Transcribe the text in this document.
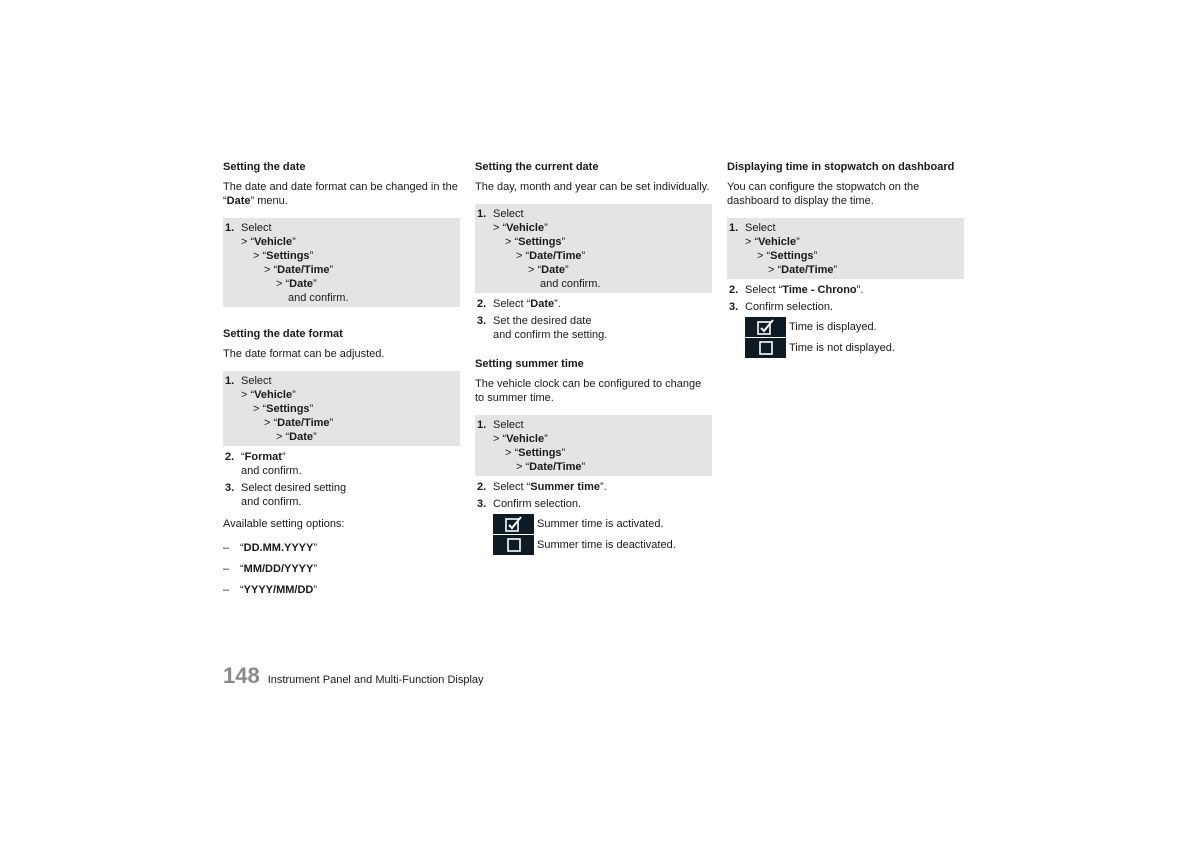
Setting the date

The date and date format can be changed in the “Date” menu.

1. Select
> “Vehicle”
> “Settings”
> “Date/Time”
> “Date”
and confirm.
Setting the date format

The date format can be adjusted.

1. Select
> “Vehicle”
> “Settings”
> “Date/Time”
> “Date”
2. “Format”
and confirm.
3. Select desired setting
and confirm.

Available setting options:

– “DD.MM.YYYY”
– “MM/DD/YYYY”
– “YYYY/MM/DD”
Setting the current date

The day, month and year can be set individually.

1. Select
> “Vehicle”
> “Settings”
> “Date/Time”
> “Date”
and confirm.
2. Select “Date”.
3. Set the desired date
and confirm the setting.
Setting summer time

The vehicle clock can be configured to change to summer time.

1. Select
> “Vehicle”
> “Settings”
> “Date/Time”
2. Select “Summer time”.
3. Confirm selection.
Summer time is activated.
Summer time is deactivated.
Displaying time in stopwatch on dashboard

You can configure the stopwatch on the dashboard to display the time.

1. Select
> “Vehicle”
> “Settings”
> “Date/Time”
2. Select “Time - Chrono”.
3. Confirm selection.
Time is displayed.
Time is not displayed.
148 Instrument Panel and Multi-Function Display
